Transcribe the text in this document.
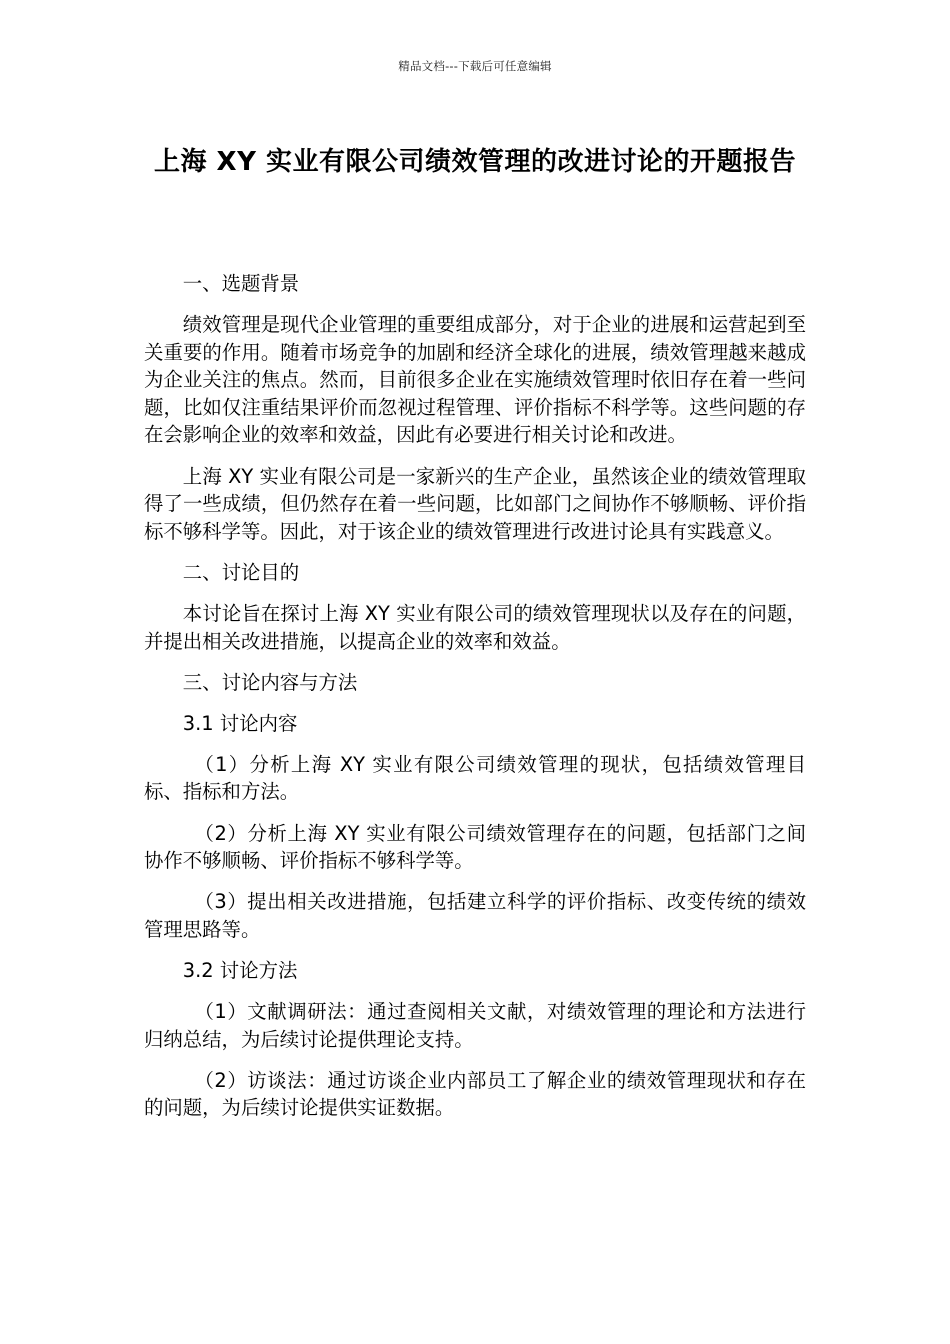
精品文档---下载后可任意编辑
上海 XY 实业有限公司绩效管理的改进讨论的开题报告

一、选题背景

绩效管理是现代企业管理的重要组成部分，对于企业的进展和运营起到至关重要的作用。随着市场竞争的加剧和经济全球化的进展，绩效管理越来越成为企业关注的焦点。然而，目前很多企业在实施绩效管理时依旧存在着一些问题，比如仅注重结果评价而忽视过程管理、评价指标不科学等。这些问题的存在会影响企业的效率和效益，因此有必要进行相关讨论和改进。

上海 XY 实业有限公司是一家新兴的生产企业，虽然该企业的绩效管理取得了一些成绩，但仍然存在着一些问题，比如部门之间协作不够顺畅、评价指标不够科学等。因此，对于该企业的绩效管理进行改进讨论具有实践意义。

二、讨论目的

本讨论旨在探讨上海 XY 实业有限公司的绩效管理现状以及存在的问题，并提出相关改进措施，以提高企业的效率和效益。

三、讨论内容与方法

3.1 讨论内容

（1）分析上海 XY 实业有限公司绩效管理的现状，包括绩效管理目标、指标和方法。

（2）分析上海 XY 实业有限公司绩效管理存在的问题，包括部门之间协作不够顺畅、评价指标不够科学等。

（3）提出相关改进措施，包括建立科学的评价指标、改变传统的绩效管理思路等。

3.2 讨论方法

（1）文献调研法：通过查阅相关文献，对绩效管理的理论和方法进行归纳总结，为后续讨论提供理论支持。

（2）访谈法：通过访谈企业内部员工了解企业的绩效管理现状和存在的问题，为后续讨论提供实证数据。
